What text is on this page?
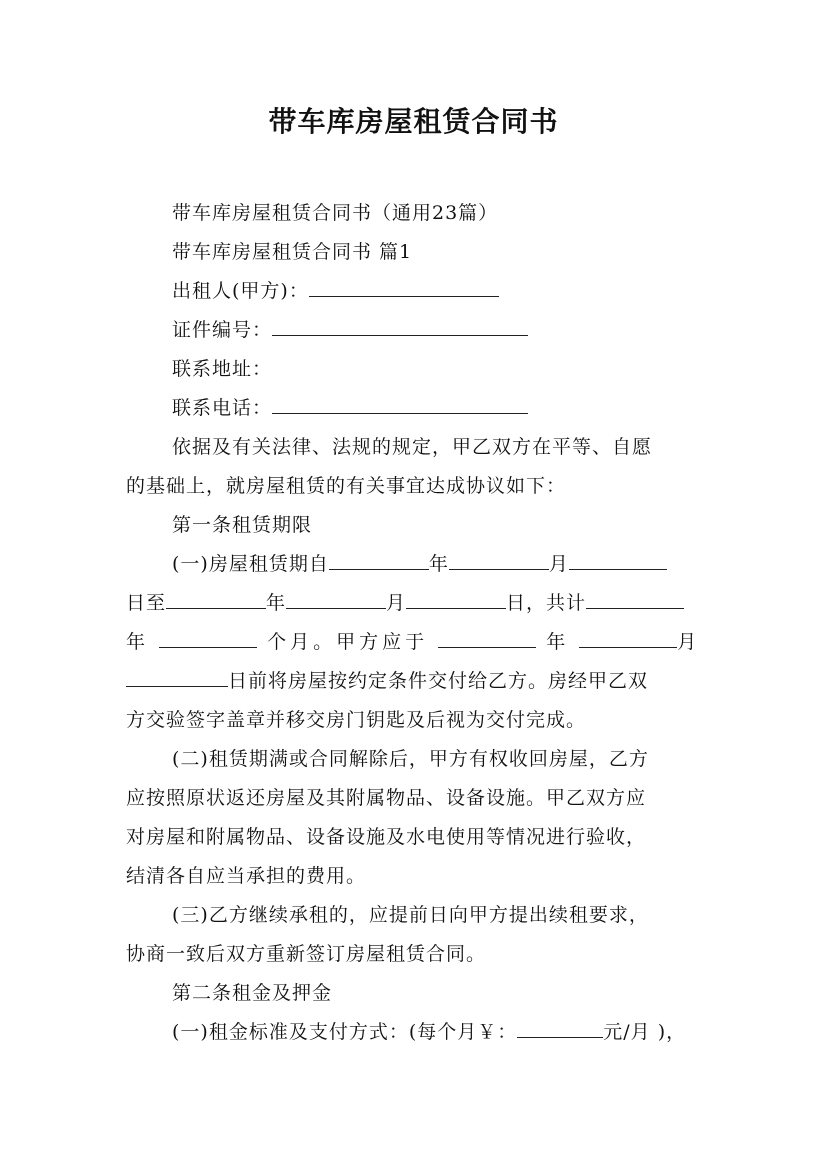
带车库房屋租赁合同书
带车库房屋租赁合同书（通用23篇）
带车库房屋租赁合同书 篇1
出租人(甲方)：
证件编号：
联系地址：
联系电话：
依据及有关法律、法规的规定，甲乙双方在平等、自愿
的基础上，就房屋租赁的有关事宜达成协议如下：
第一条租赁期限
(一)房屋租赁期自	年	月
日至	年	月	日，共计
年	个月。甲方应于	年	月
日前将房屋按约定条件交付给乙方。房经甲乙双
方交验签字盖章并移交房门钥匙及后视为交付完成。
(二)租赁期满或合同解除后，甲方有权收回房屋，乙方
应按照原状返还房屋及其附属物品、设备设施。甲乙双方应
对房屋和附属物品、设备设施及水电使用等情况进行验收，
结清各自应当承担的费用。
(三)乙方继续承租的，应提前日向甲方提出续租要求，
协商一致后双方重新签订房屋租赁合同。
第二条租金及押金
(一)租金标准及支付方式：(每个月￥：	元/月 )，
